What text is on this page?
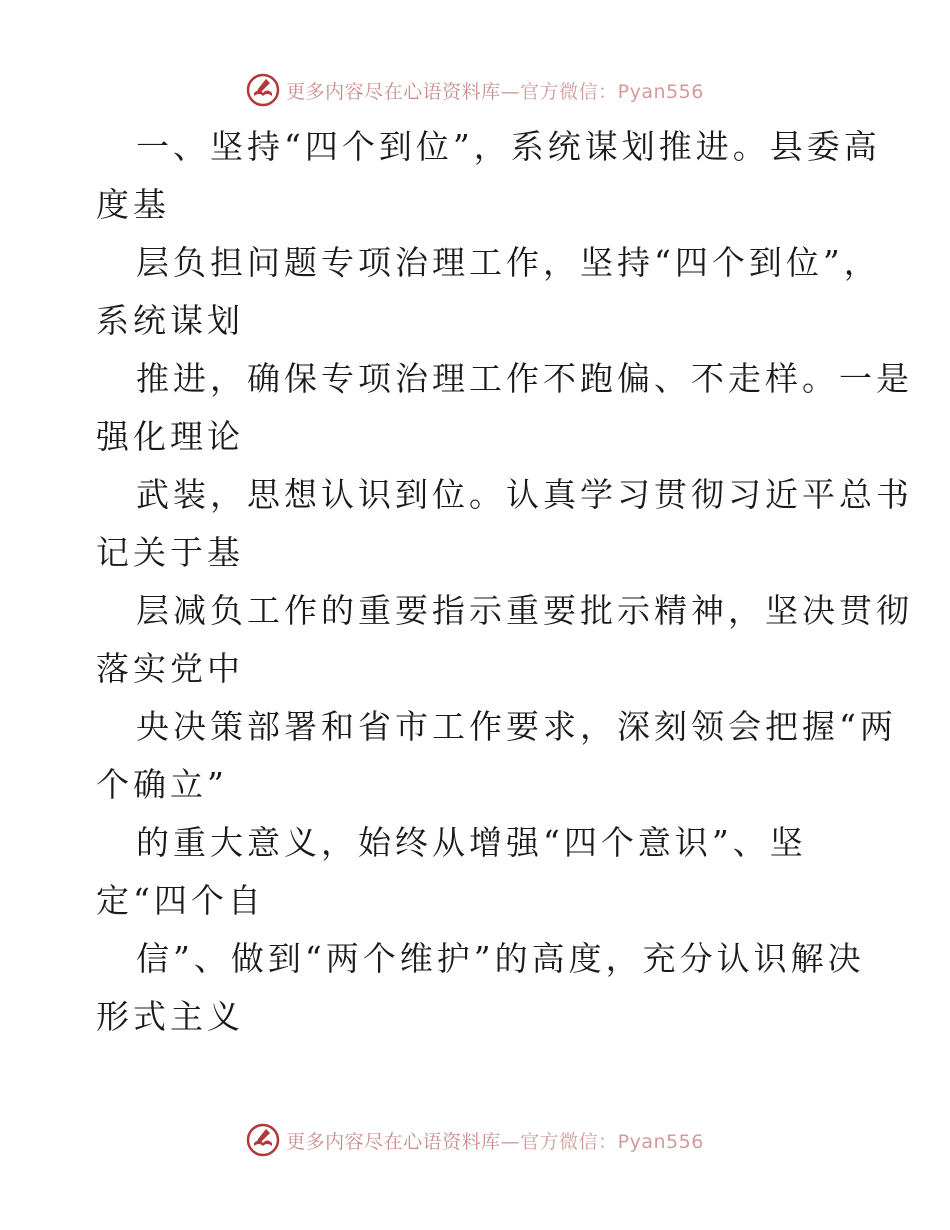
更多内容尽在心语资料库—官方微信：Pyan556
一、坚持“四个到位”，系统谋划推进。县委高
度基
层负担问题专项治理工作，坚持“四个到位”，
系统谋划
推进，确保专项治理工作不跑偏、不走样。一是
强化理论
武装，思想认识到位。认真学习贯彻习近平总书
记关于基
层减负工作的重要指示重要批示精神，坚决贯彻
落实党中
央决策部署和省市工作要求，深刻领会把握“两
个确立”
的重大意义，始终从增强“四个意识”、坚
定“四个自
信”、做到“两个维护”的高度，充分认识解决
形式主义
更多内容尽在心语资料库—官方微信：Pyan556
